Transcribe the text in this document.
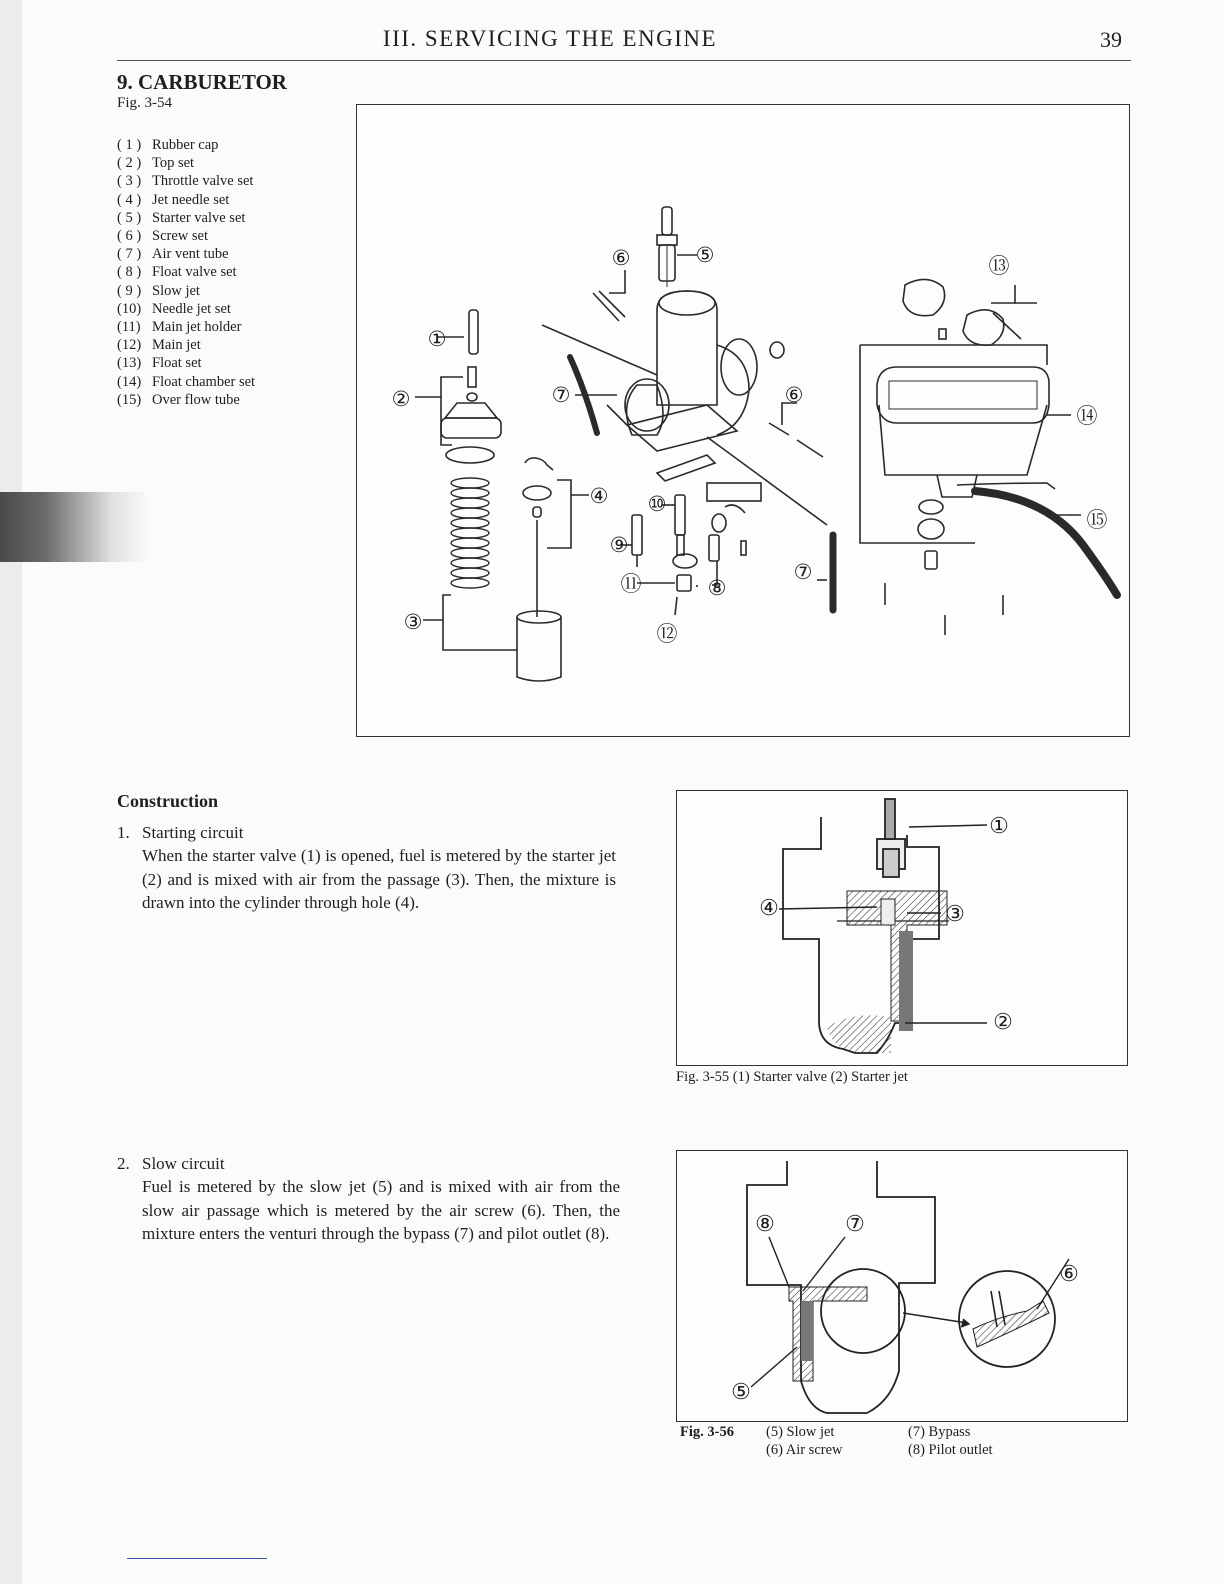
III. SERVICING THE ENGINE	39
9. CARBURETOR
Fig. 3-54
( 1 ) Rubber cap
( 2 ) Top set
( 3 ) Throttle valve set
( 4 ) Jet needle set
( 5 ) Starter valve set
( 6 ) Screw set
( 7 ) Air vent tube
( 8 ) Float valve set
( 9 ) Slow jet
(10) Needle jet set
(11) Main jet holder
(12) Main jet
(13) Float set
(14) Float chamber set
(15) Over flow tube
①
②
③
④
⑤
⑥
⑥
⑦
⑦
⑧
⑨
⑩
⑪
⑫
⑬
⑭
⑮
Construction
1. Starting circuit
When the starter valve (1) is opened, fuel is metered by the starter jet (2) and is mixed with air from the passage (3). Then, the mixture is drawn into the cylinder through hole (4).
2. Slow circuit
Fuel is metered by the slow jet (5) and is mixed with air from the slow air passage which is metered by the air screw (6). Then, the mixture enters the venturi through the bypass (7) and pilot outlet (8).
①
②
③
④
Fig. 3-55 (1) Starter valve (2) Starter jet
⑧	⑦
⑥
⑤
Fig. 3-56 (5) Slow jet
(6) Air screw
(7) Bypass
(8) Pilot outlet
